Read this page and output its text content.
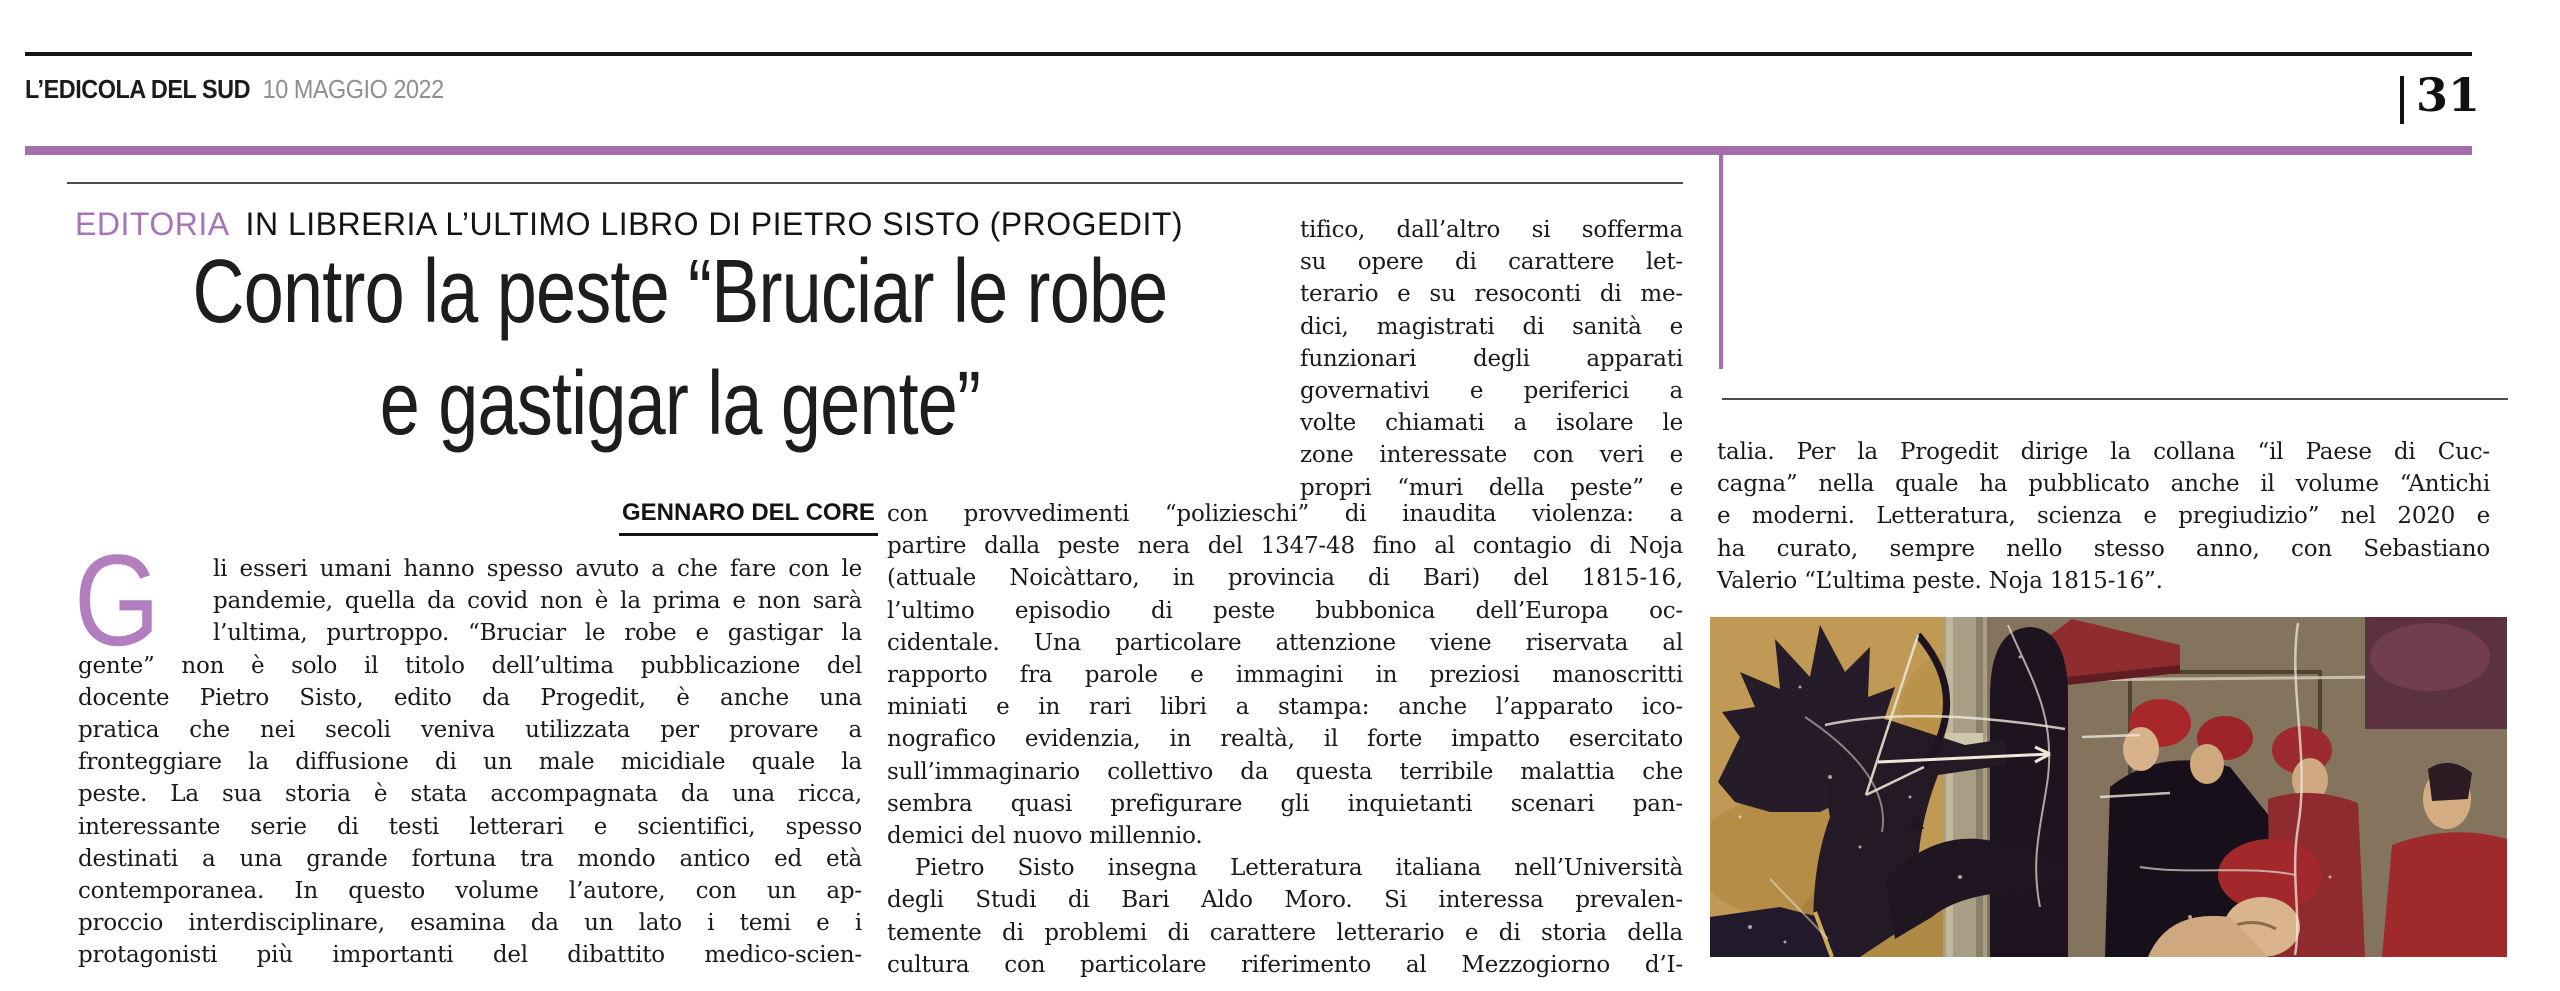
L’EDICOLA DEL SUD 10 MAGGIO 2022	31
EDITORIA IN LIBRERIA L’ULTIMO LIBRO DI PIETRO SISTO (PROGEDIT)
Contro la peste “Bruciar le robe
e gastigar la gente”
GENNARO DEL CORE
G	li esseri umani hanno spesso avuto a che fare con le
pandemie, quella da covid non è la prima e non sarà
l’ultima, purtroppo. “Bruciar le robe e gastigar la
gente” non è solo il titolo dell’ultima pubblicazione del
docente Pietro Sisto, edito da Progedit, è anche una
pratica che nei secoli veniva utilizzata per provare a
fronteggiare la diffusione di un male micidiale quale la
peste. La sua storia è stata accompagnata da una ricca,
interessante serie di testi letterari e scientifici, spesso
destinati a una grande fortuna tra mondo antico ed età
contemporanea. In questo volume l’autore, con un ap-
proccio interdisciplinare, esamina da un lato i temi e i
protagonisti più importanti del dibattito medico-scien-
tifico, dall’altro si sofferma
su opere di carattere let-
terario e su resoconti di me-
dici, magistrati di sanità e
funzionari degli apparati
governativi e periferici a
volte chiamati a isolare le
zone interessate con veri e
propri “muri della peste” e
con provvedimenti “polizieschi” di inaudita violenza: a
partire dalla peste nera del 1347-48 fino al contagio di Noja
(attuale Noicàttaro, in provincia di Bari) del 1815-16,
l’ultimo episodio di peste bubbonica dell’Europa oc-
cidentale. Una particolare attenzione viene riservata al
rapporto fra parole e immagini in preziosi manoscritti
miniati e in rari libri a stampa: anche l’apparato ico-
nografico evidenzia, in realtà, il forte impatto esercitato
sull’immaginario collettivo da questa terribile malattia che
sembra quasi prefigurare gli inquietanti scenari pan-
demici del nuovo millennio.
Pietro Sisto insegna Letteratura italiana nell’Università
degli Studi di Bari Aldo Moro. Si interessa prevalen-
temente di problemi di carattere letterario e di storia della
cultura con particolare riferimento al Mezzogiorno d’I-
talia. Per la Progedit dirige la collana “il Paese di Cuc-
cagna” nella quale ha pubblicato anche il volume “Antichi
e moderni. Letteratura, scienza e pregiudizio” nel 2020 e
ha curato, sempre nello stesso anno, con Sebastiano
Valerio “L’ultima peste. Noja 1815-16”.
